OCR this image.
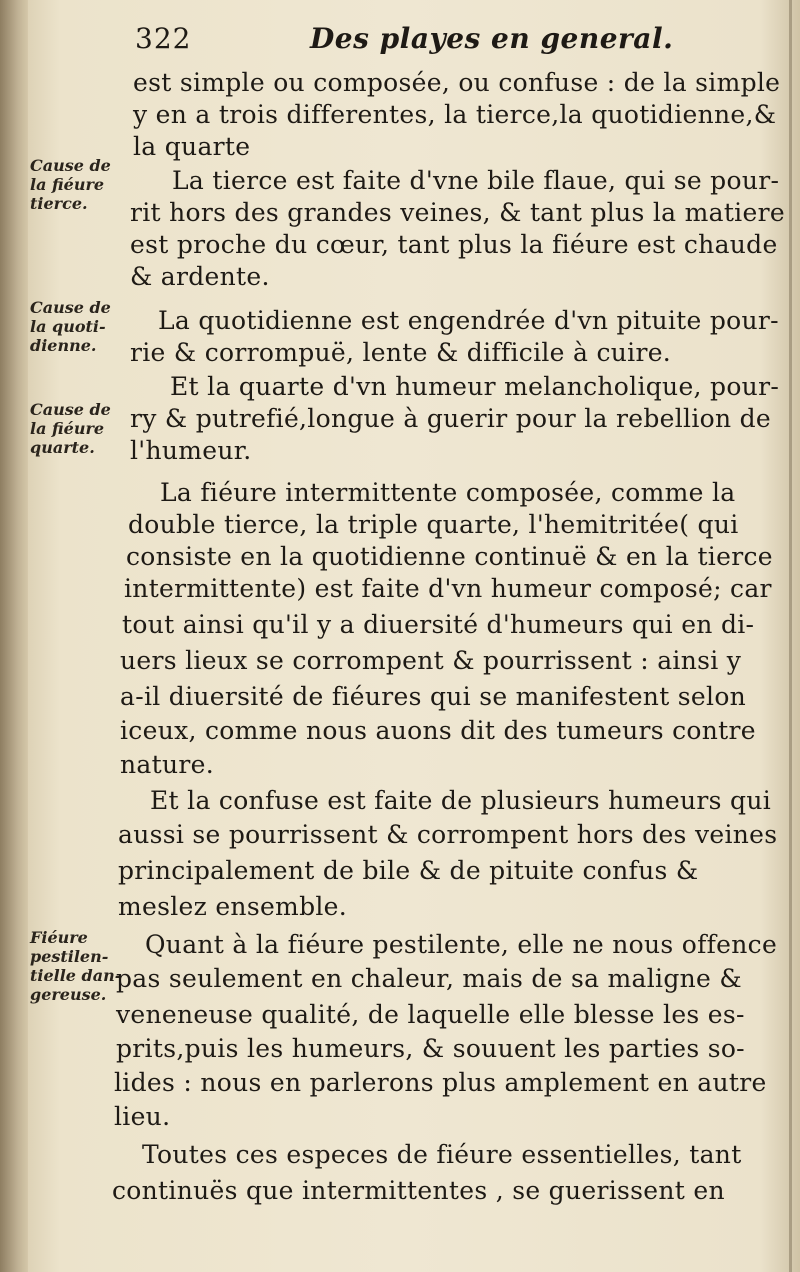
322	Des playes en general.
Cause de
la fiéure
tierce.
Cause de
la quoti-
dienne.
Cause de
la fiéure
quarte.
Fiéure
pestilen-
tielle dan-
gereuse.
est simple ou composée, ou confuse : de la simple
y en a trois differentes, la tierce,la quotidienne,&
la quarte
La tierce est faite d'vne bile flaue, qui se pour-
rit hors des grandes veines, & tant plus la matiere
est proche du cœur, tant plus la fiéure est chaude
& ardente.
La quotidienne est engendrée d'vn pituite pour-
rie & corrompuë, lente & difficile à cuire.
Et la quarte d'vn humeur melancholique, pour-
ry & putrefié,longue à guerir pour la rebellion de
l'humeur.
La fiéure intermittente composée, comme la
double tierce, la triple quarte, l'hemitritée( qui
consiste en la quotidienne continuë & en la tierce
intermittente) est faite d'vn humeur composé; car
tout ainsi qu'il y a diuersité d'humeurs qui en di-
uers lieux se corrompent & pourrissent : ainsi y
a-il diuersité de fiéures qui se manifestent selon
iceux, comme nous auons dit des tumeurs contre
nature.
Et la confuse est faite de plusieurs humeurs qui
aussi se pourrissent & corrompent hors des veines
principalement de bile & de pituite confus &
meslez ensemble.
Quant à la fiéure pestilente, elle ne nous offence
pas seulement en chaleur, mais de sa maligne &
veneneuse qualité, de laquelle elle blesse les es-
prits,puis les humeurs, & souuent les parties so-
lides : nous en parlerons plus amplement en autre
lieu.
Toutes ces especes de fiéure essentielles, tant
continuës que intermittentes , se guerissent en
